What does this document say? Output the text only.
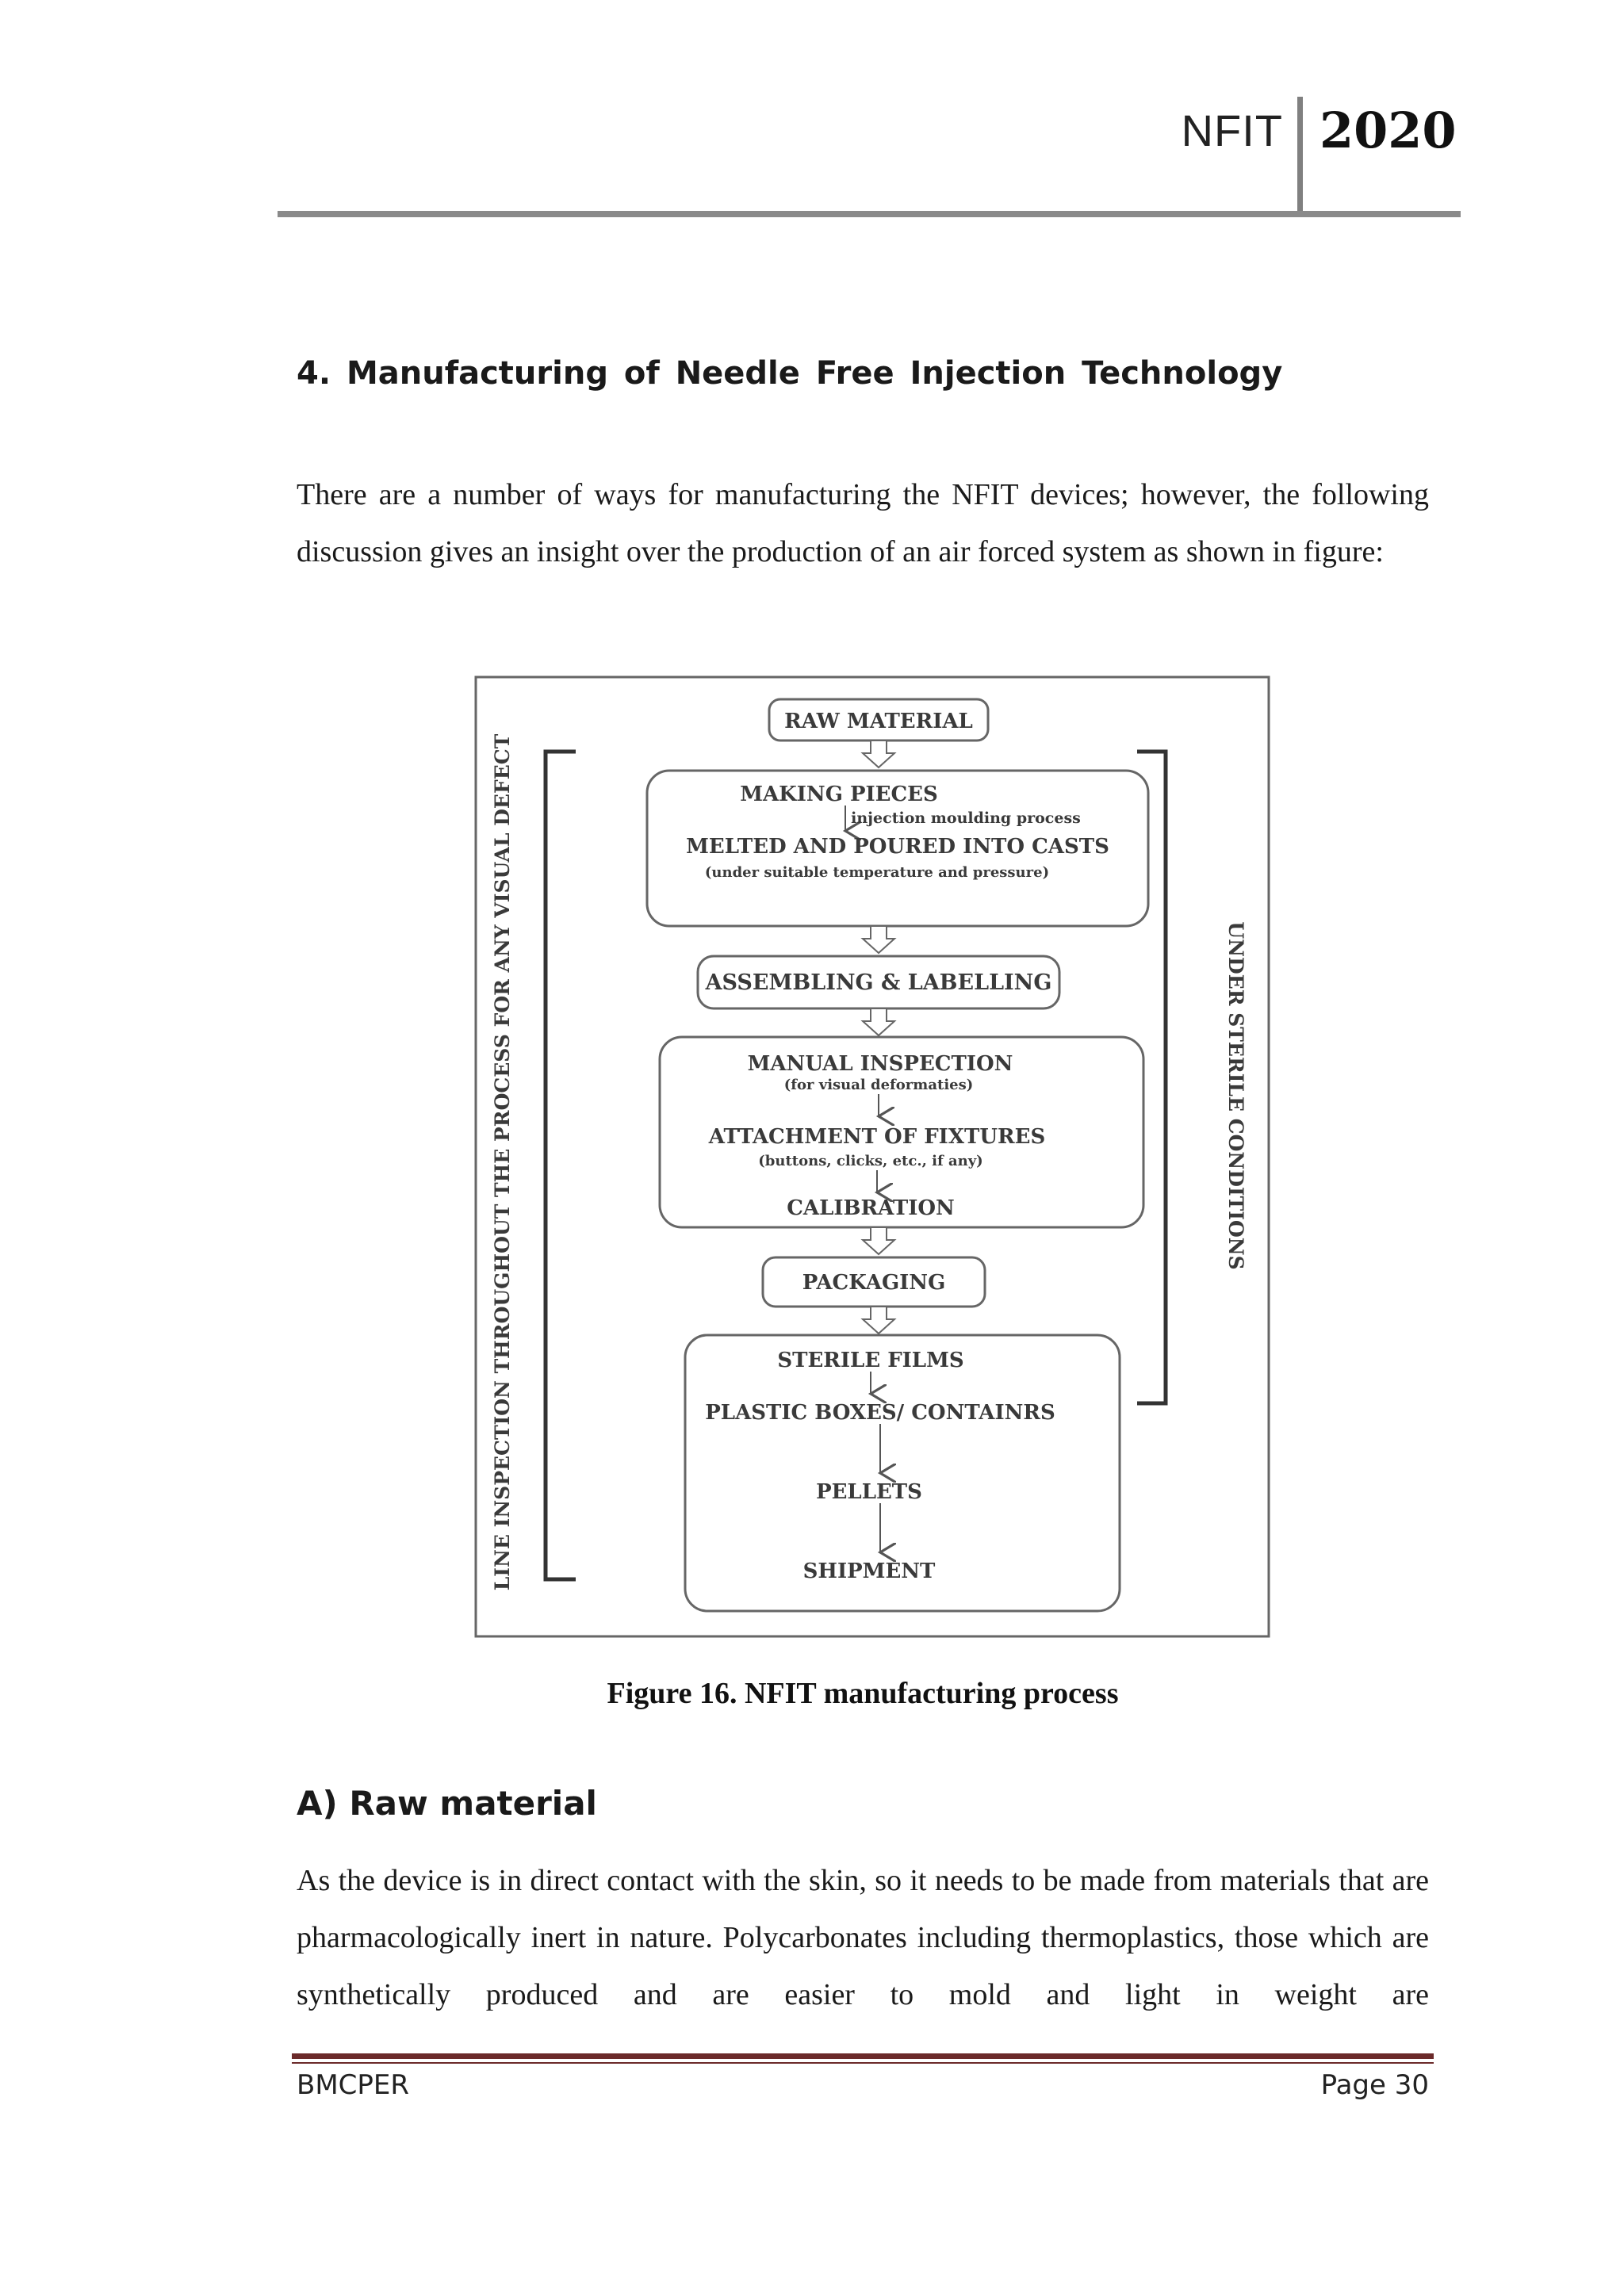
NFIT 2020
4. Manufacturing of Needle Free Injection Technology
There are a number of ways for manufacturing the NFIT devices; however, the following discussion gives an insight over the production of an air forced system as shown in figure:
LINE INSPECTION THROUGHOUT THE PROCESS FOR ANY VISUAL DEFECT	UNDER STERILE CONDITIONS
RAW MATERIAL
MAKING PIECES
injection moulding process
MELTED AND POURED INTO CASTS
(under suitable temperature and pressure)
ASSEMBLING & LABELLING
MANUAL INSPECTION
(for visual deformaties)
ATTACHMENT OF FIXTURES
(buttons, clicks, etc., if any)
CALIBRATION
PACKAGING
STERILE FILMS
PLASTIC BOXES/ CONTAINRS
PELLETS
SHIPMENT
Figure 16. NFIT manufacturing process
A) Raw material
As the device is in direct contact with the skin, so it needs to be made from materials that are pharmacologically inert in nature. Polycarbonates including thermoplastics, those which are synthetically produced and are easier to mold and light in weight are
BMCPER	Page 30
